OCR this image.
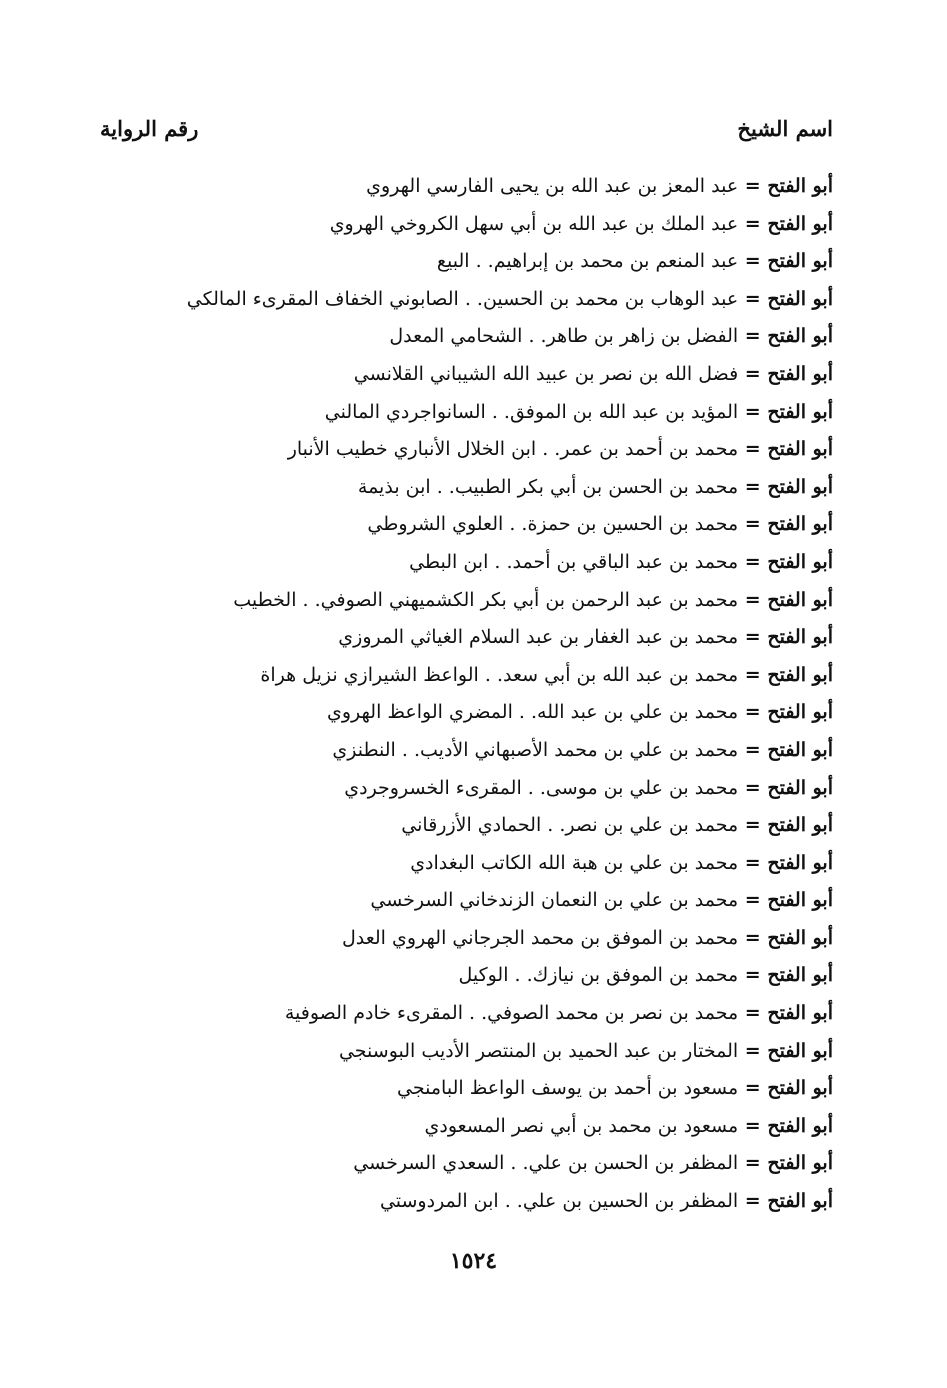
اسم الشيخ
رقم الرواية
أبو الفتح = عبد المعز بن عبد الله بن يحيى الفارسي الهروي
أبو الفتح = عبد الملك بن عبد الله بن أبي سهل الكروخي الهروي
أبو الفتح = عبد المنعم بن محمد بن إبراهيم. . البيع
أبو الفتح = عبد الوهاب بن محمد بن الحسين. . الصابوني الخفاف المقرىء المالكي
أبو الفتح = الفضل بن زاهر بن طاهر. . الشحامي المعدل
أبو الفتح = فضل الله بن نصر بن عبيد الله الشيباني القلانسي
أبو الفتح = المؤيد بن عبد الله بن الموفق. . السانواجردي المالني
أبو الفتح = محمد بن أحمد بن عمر. . ابن الخلال الأنباري خطيب الأنبار
أبو الفتح = محمد بن الحسن بن أبي بكر الطبيب. . ابن بذيمة
أبو الفتح = محمد بن الحسين بن حمزة. . العلوي الشروطي
أبو الفتح = محمد بن عبد الباقي بن أحمد. . ابن البطي
أبو الفتح = محمد بن عبد الرحمن بن أبي بكر الكشميهني الصوفي. . الخطيب
أبو الفتح = محمد بن عبد الغفار بن عبد السلام الغياثي المروزي
أبو الفتح = محمد بن عبد الله بن أبي سعد. . الواعظ الشيرازي نزيل هراة
أبو الفتح = محمد بن علي بن عبد الله. . المضري الواعظ الهروي
أبو الفتح = محمد بن علي بن محمد الأصبهاني الأديب. . النطنزي
أبو الفتح = محمد بن علي بن موسى. . المقرىء الخسروجردي
أبو الفتح = محمد بن علي بن نصر. . الحمادي الأزرقاني
أبو الفتح = محمد بن علي بن هبة الله الكاتب البغدادي
أبو الفتح = محمد بن علي بن النعمان الزندخاني السرخسي
أبو الفتح = محمد بن الموفق بن محمد الجرجاني الهروي العدل
أبو الفتح = محمد بن الموفق بن نيازك. . الوكيل
أبو الفتح = محمد بن نصر بن محمد الصوفي. . المقرىء خادم الصوفية
أبو الفتح = المختار بن عبد الحميد بن المنتصر الأديب البوسنجي
أبو الفتح = مسعود بن أحمد بن يوسف الواعظ البامنجي
أبو الفتح = مسعود بن محمد بن أبي نصر المسعودي
أبو الفتح = المظفر بن الحسن بن علي. . السعدي السرخسي
أبو الفتح = المظفر بن الحسين بن علي. . ابن المردوستي
١٥٢٤
